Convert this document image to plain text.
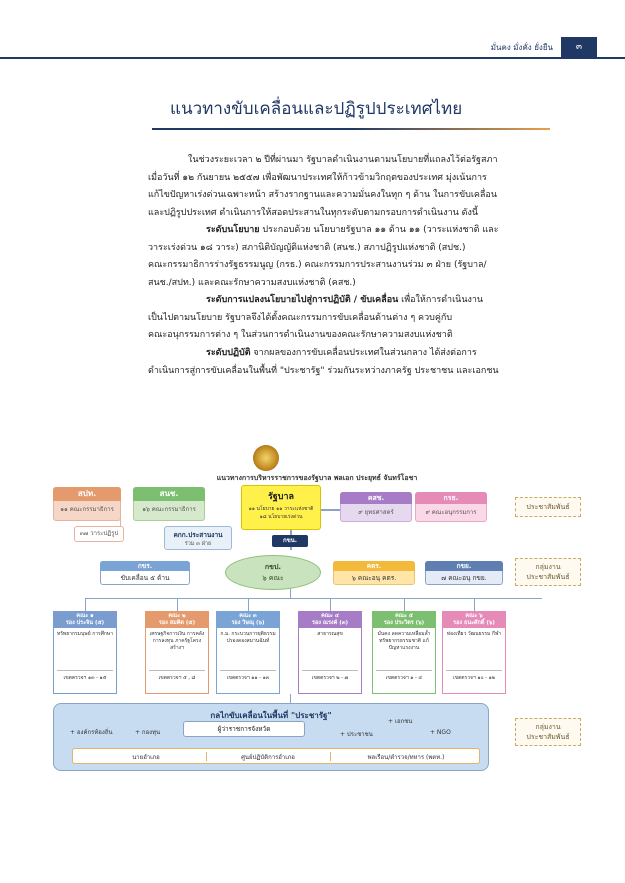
มั่นคง มั่งคั่ง ยั่งยืน	๓
แนวทางขับเคลื่อนและปฏิรูปประเทศไทย
ในช่วงระยะเวลา ๒ ปีที่ผ่านมา รัฐบาลดำเนินงานตามนโยบายที่แถลงไว้ต่อรัฐสภา
เมื่อวันที่ ๑๒ กันยายน ๒๕๕๗ เพื่อพัฒนาประเทศให้ก้าวข้ามวิกฤตของประเทศ มุ่งเน้นการ
แก้ไขปัญหาเร่งด่วนเฉพาะหน้า สร้างรากฐานและความมั่นคงในทุก ๆ ด้าน ในการขับเคลื่อน
และปฏิรูปประเทศ ดำเนินการให้สอดประสานในทุกระดับตามกรอบการดำเนินงาน ดังนี้
ระดับนโยบาย ประกอบด้วย นโยบายรัฐบาล ๑๑ ด้าน ๑๑ (วาระแห่งชาติ และ
วาระเร่งด่วน ๑๘ วาระ) สภานิติบัญญัติแห่งชาติ (สนช.) สภาปฏิรูปแห่งชาติ (สปช.)
คณะกรรมาธิการร่างรัฐธรรมนูญ (กรธ.) คณะกรรมการประสานงานร่วม ๓ ฝ่าย (รัฐบาล/
สนช./สปท.) และคณะรักษาความสงบแห่งชาติ (คสช.)
ระดับการแปลงนโยบายไปสู่การปฏิบัติ / ขับเคลื่อน เพื่อให้การดำเนินงาน
เป็นไปตามนโยบาย รัฐบาลจึงได้ตั้งคณะกรรมการขับเคลื่อนด้านต่าง ๆ ควบคู่กับ
คณะอนุกรรมการต่าง ๆ ในส่วนการดำเนินงานของคณะรักษาความสงบแห่งชาติ
ระดับปฏิบัติ จากผลของการขับเคลื่อนประเทศในส่วนกลาง ได้ส่งต่อการ
ดำเนินการสู่การขับเคลื่อนในพื้นที่ "ประชารัฐ" ร่วมกันระหว่างภาครัฐ ประชาชน และเอกชน
แนวทางการบริหารราชการของรัฐบาล พลเอก ประยุทธ์ จันทร์โอชา
สปท.
๑๑ คณะกรรมาธิการ
๓๗ วาระปฏิรูป
สนช.
๑๖ คณะกรรมาธิการ
รัฐบาล
๑๑ นโยบาย ๑๑ วาระแห่งชาติ
๑๘ นโยบายเร่งด่วน
คสช.
๙ ยุทธศาสตร์
กรธ.
๙ คณะอนุกรรมการ
ประชาสัมพันธ์
คกก.ประสานงาน
ร่วม ๓ ฝ่าย	กขน.
กขร.
ขับเคลื่อน ๕ ด้าน
กขป.
๖ คณะ
คตร.
๖ คณะอนุ คตร.
กขย.
๗ คณะอนุ กขย.
กลุ่มงาน
ประชาสัมพันธ์
คณะ ๑
รอง ประจิน (๕)
ทรัพยากรมนุษย์ การศึกษา
เขตตรวจฯ ๑๓ - ๑๕
คณะ ๒
รอง สมคิด (๕)
เศรษฐกิจการเงิน การคลังการลงทุน ภาครัฐโครงสร้างฯ
เขตตรวจฯ ๕ , ๘
คณะ ๓
รอง วิษณุ (๖)
ก.ม. กระบวนการยุติธรรม ปรองดองสมานฉันท์
เขตตรวจฯ ๑๑ - ๑๓
คณะ ๔
รอง ณรงค์ (๓)
สาธารณสุข
เขตตรวจฯ ๒ - ๗
คณะ ๕
รอง ประวิตร (๖)
มั่นคง ลดความเหลื่อมล้ำ ทรัพยากรธรรมชาติ แก้ปัญหาแรงงาน
เขตตรวจฯ ๑ - ๔
คณะ ๖
รอง ธนะศักดิ์ (๖)
ท่องเที่ยว วัฒนธรรม กีฬา
เขตตรวจฯ ๑๐ - ๑๒
กลไกขับเคลื่อนในพื้นที่ "ประชารัฐ"
+ องค์กรท้องถิ่น	+ กองทุน	ผู้ว่าราชการจังหวัด
+ เอกชน
+ ประชาชน	+ NGO
นายอำเภอ	ศูนย์ปฏิบัติการอำเภอ	พลเรือน/ตำรวจ/ทหาร (พตท.)
กลุ่มงาน
ประชาสัมพันธ์
